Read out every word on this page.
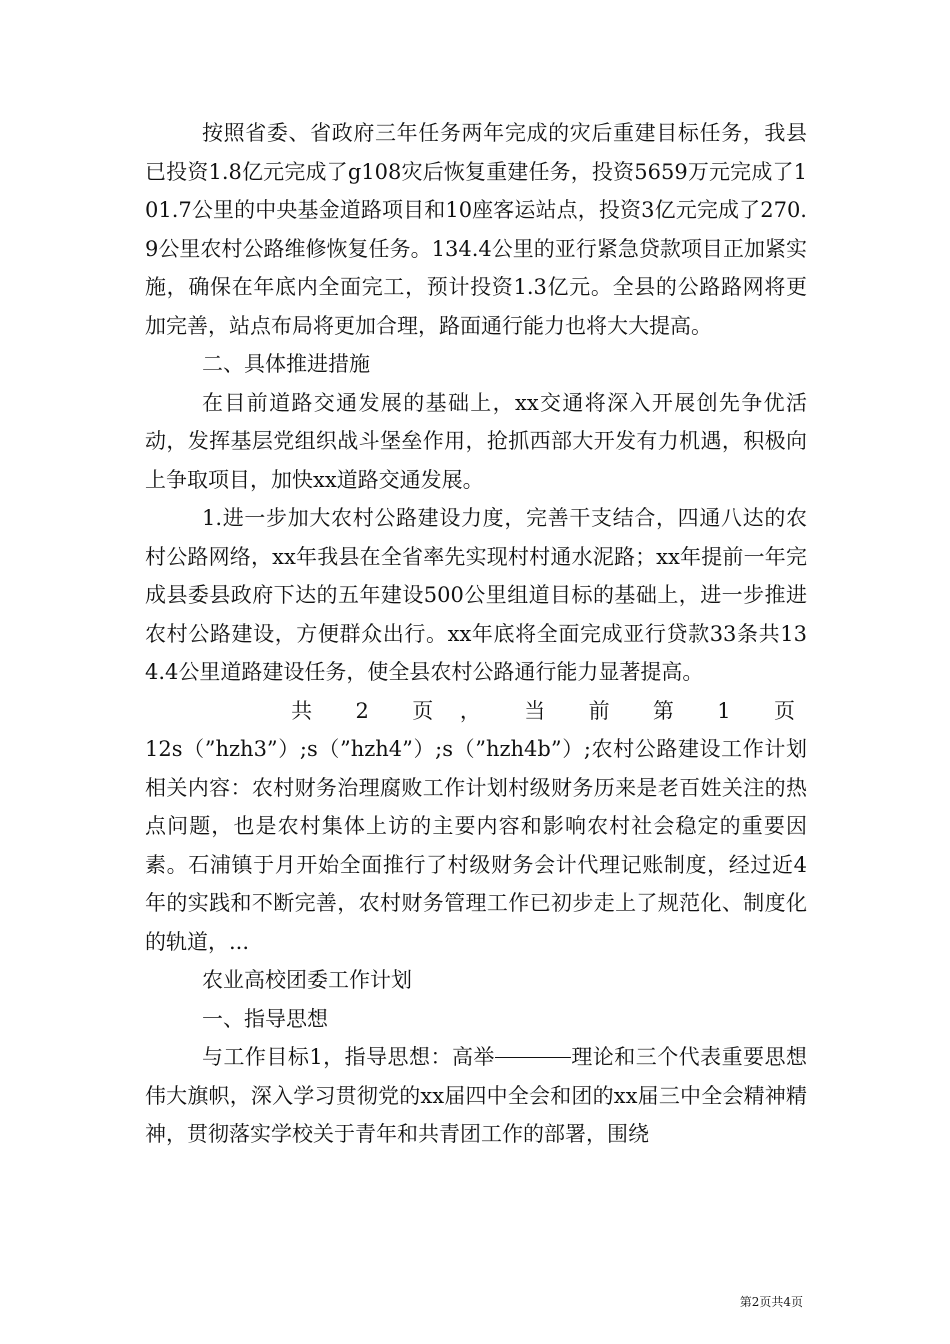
按照省委、省政府三年任务两年完成的灾后重建目标任务，我县已投资1.8亿元完成了g108灾后恢复重建任务，投资5659万元完成了101.7公里的中央基金道路项目和10座客运站点，投资3亿元完成了270.9公里农村公路维修恢复任务。134.4公里的亚行紧急贷款项目正加紧实施，确保在年底内全面完工，预计投资1.3亿元。全县的公路路网将更加完善，站点布局将更加合理，路面通行能力也将大大提高。

二、具体推进措施

在目前道路交通发展的基础上，xx交通将深入开展创先争优活动，发挥基层党组织战斗堡垒作用，抢抓西部大开发有力机遇，积极向上争取项目，加快xx道路交通发展。

1.进一步加大农村公路建设力度，完善干支结合，四通八达的农村公路网络，xx年我县在全省率先实现村村通水泥路；xx年提前一年完成县委县政府下达的五年建设500公里组道目标的基础上，进一步推进农村公路建设，方便群众出行。xx年底将全面完成亚行贷款33条共134.4公里道路建设任务，使全县农村公路通行能力显著提高。

共  2  页 ，  当  前  第  1  页

12s（”hzh3”）;s（”hzh4”）;s（”hzh4b”）;农村公路建设工作计划相关内容：农村财务治理腐败工作计划村级财务历来是老百姓关注的热点问题，也是农村集体上访的主要内容和影响农村社会稳定的重要因素。石浦镇于月开始全面推行了村级财务会计代理记账制度，经过近4年的实践和不断完善，农村财务管理工作已初步走上了规范化、制度化的轨道，...

农业高校团委工作计划

一、指导思想

与工作目标1，指导思想：高举	理论和三个代表重要思想伟大旗帜，深入学习贯彻党的xx届四中全会和团的xx届三中全会精神精神，贯彻落实学校关于青年和共青团工作的部署，围绕

第2页共4页
